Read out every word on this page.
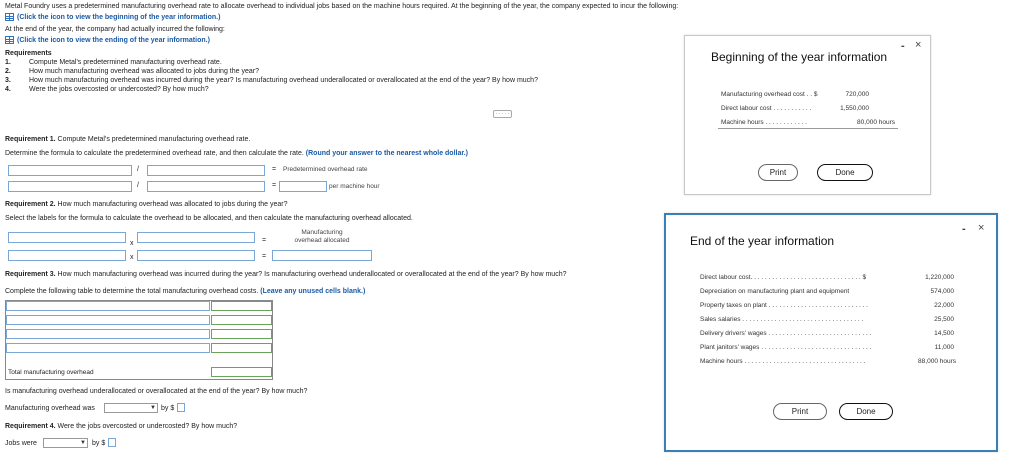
Metal Foundry uses a predetermined manufacturing overhead rate to allocate overhead to individual jobs based on the machine hours required. At the beginning of the year, the company expected to incur the following:
(Click the icon to view the beginning of the year information.)
At the end of the year, the company had actually incurred the following:
(Click the icon to view the ending of the year information.)
Requirements
1.	Compute Metal's predetermined manufacturing overhead rate.
2.	How much manufacturing overhead was allocated to jobs during the year?
3.	How much manufacturing overhead was incurred during the year? Is manufacturing overhead underallocated or overallocated at the end of the year? By how much?
4.	Were the jobs overcosted or undercosted? By how much?
· · · · ·
Requirement 1. Compute Metal's predetermined manufacturing overhead rate.
Determine the formula to calculate the predetermined overhead rate, and then calculate the rate. (Round your answer to the nearest whole dollar.)
/	= Predetermined overhead rate
/	=	per machine hour
Requirement 2. How much manufacturing overhead was allocated to jobs during the year?
Select the labels for the formula to calculate the overhead to be allocated, and then calculate the manufacturing overhead allocated.
x	=
Manufacturing
overhead allocated
x	=
Requirement 3. How much manufacturing overhead was incurred during the year? Is manufacturing overhead underallocated or overallocated at the end of the year? By how much?
Complete the following table to determine the total manufacturing overhead costs. (Leave any unused cells blank.)
Total manufacturing overhead
Is manufacturing overhead underallocated or overallocated at the end of the year? By how much?
Manufacturing overhead was	▼ by $
Requirement 4. Were the jobs overcosted or undercosted? By how much?
Jobs were	▼ by $
- ×
Beginning of the year information
Manufacturing overhead cost . . $	720,000
Direct labour cost . . . . . . . . . . .	1,550,000
Machine hours . . . . . . . . . . . .	80,000 hours
Print	Done
- ×
End of the year information
Direct labour cost. . . . . . . . . . . . . . . . . . . . . . . . . . . . . . . $	1,220,000
Depreciation on manufacturing plant and equipment	574,000
Property taxes on plant . . . . . . . . . . . . . . . . . . . . . . . . . . . .	22,000
Sales salaries . . . . . . . . . . . . . . . . . . . . . . . . . . . . . . . . . .	25,500
Delivery drivers' wages . . . . . . . . . . . . . . . . . . . . . . . . . . . . .	14,500
Plant janitors' wages . . . . . . . . . . . . . . . . . . . . . . . . . . . . . . .	11,000
Machine hours . . . . . . . . . . . . . . . . . . . . . . . . . . . . . . . . . .	88,000 hours
Print	Done
